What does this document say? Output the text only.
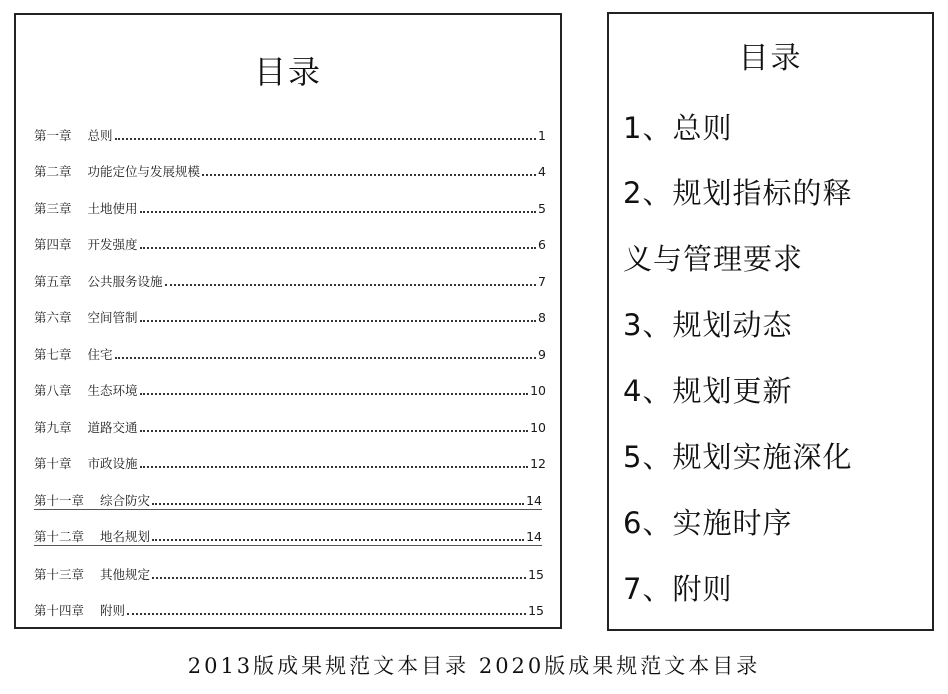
目录
第一章 总则	1
第二章 功能定位与发展规模	4
第三章 土地使用	5
第四章 开发强度	6
第五章 公共服务设施	7
第六章 空间管制	8
第七章 住宅	9
第八章 生态环境	10
第九章 道路交通	10
第十章 市政设施	12
第十一章 综合防灾	14
第十二章 地名规划	14
第十三章 其他规定	15
第十四章 附则	15
目录
1、总则
2、规划指标的释
义与管理要求
3、规划动态
4、规划更新
5、规划实施深化
6、实施时序
7、附则
2013版成果规范文本目录 2020版成果规范文本目录
